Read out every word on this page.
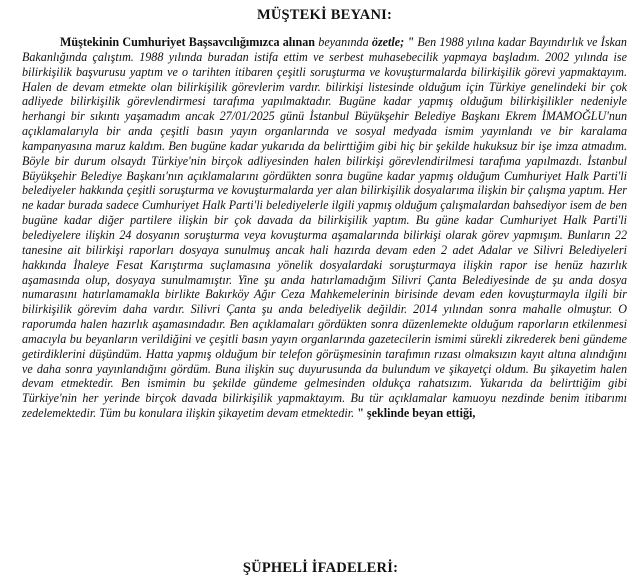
MÜŞTEKİ BEYANI:

Müştekinin Cumhuriyet Başsavcılığımızca alınan beyanında özetle; " Ben 1988 yılına kadar Bayındırlık ve İskan Bakanlığında çalıştım. 1988 yılında buradan istifa ettim ve serbest muhasebecilik yapmaya başladım. 2002 yılında ise bilirkişilik başvurusu yaptım ve o tarihten itibaren çeşitli soruşturma ve kovuşturmalarda bilirkişilik görevi yapmaktayım. Halen de devam etmekte olan bilirkişilik görevlerim vardır. bilirkişi listesinde olduğum için Türkiye genelindeki bir çok adliyede bilirkişilik görevlendirmesi tarafıma yapılmaktadır. Bugüne kadar yapmış olduğum bilirkişilikler nedeniyle herhangi bir sıkıntı yaşamadım ancak 27/01/2025 günü İstanbul Büyükşehir Belediye Başkanı Ekrem İMAMOĞLU'nun açıklamalarıyla bir anda çeşitli basın yayın organlarında ve sosyal medyada ismim yayınlandı ve bir karalama kampanyasına maruz kaldım. Ben bugüne kadar yukarıda da belirttiğim gibi hiç bir şekilde hukuksuz bir işe imza atmadım. Böyle bir durum olsaydı Türkiye'nin birçok adliyesinden halen bilirkişi görevlendirilmesi tarafıma yapılmazdı. İstanbul Büyükşehir Belediye Başkanı'nın açıklamalarını gördükten sonra bugüne kadar yapmış olduğum Cumhuriyet Halk Parti'li belediyeler hakkında çeşitli soruşturma ve kovuşturmalarda yer alan bilirkişilik dosyalarıma ilişkin bir çalışma yaptım. Her ne kadar burada sadece Cumhuriyet Halk Parti'li belediyelerle ilgili yapmış olduğum çalışmalardan bahsediyor isem de ben bugüne kadar diğer partilere ilişkin bir çok davada da bilirkişilik yaptım. Bu güne kadar Cumhuriyet Halk Parti'li belediyelere ilişkin 24 dosyanın soruşturma veya kovuşturma aşamalarında bilirkişi olarak görev yapmışım. Bunların 22 tanesine ait bilirkişi raporları dosyaya sunulmuş ancak hali hazırda devam eden 2 adet Adalar ve Silivri Belediyeleri hakkında İhaleye Fesat Karıştırma suçlamasına yönelik dosyalardaki soruşturmaya ilişkin rapor ise henüz hazırlık aşamasında olup, dosyaya sunulmamıştır. Yine şu anda hatırlamadığım Silivri Çanta Belediyesinde de şu anda dosya numarasını hatırlamamakla birlikte Bakırköy Ağır Ceza Mahkemelerinin birisinde devam eden kovuşturmayla ilgili bir bilirkişilik görevim daha vardır. Silivri Çanta şu anda belediyelik değildir. 2014 yılından sonra mahalle olmuştur. O raporumda halen hazırlık aşamasındadır. Ben açıklamaları gördükten sonra düzenlemekte olduğum raporların etkilenmesi amacıyla bu beyanların verildiğini ve çeşitli basın yayın organlarında gazetecilerin ismimi sürekli zikrederek beni gündeme getirdiklerini düşündüm. Hatta yapmış olduğum bir telefon görüşmesinin tarafımın rızası olmaksızın kayıt altına alındığını ve daha sonra yayınlandığını gördüm. Buna ilişkin suç duyurusunda da bulundum ve şikayetçi oldum. Bu şikayetim halen devam etmektedir. Ben ismimin bu şekilde gündeme gelmesinden oldukça rahatsızım. Yukarıda da belirttiğim gibi Türkiye'nin her yerinde birçok davada bilirkişilik yapmaktayım. Bu tür açıklamalar kamuoyu nezdinde benim itibarımı zedelemektedir. Tüm bu konulara ilişkin şikayetim devam etmektedir. " şeklinde beyan ettiği,

ŞÜPHELİ İFADELERİ:
